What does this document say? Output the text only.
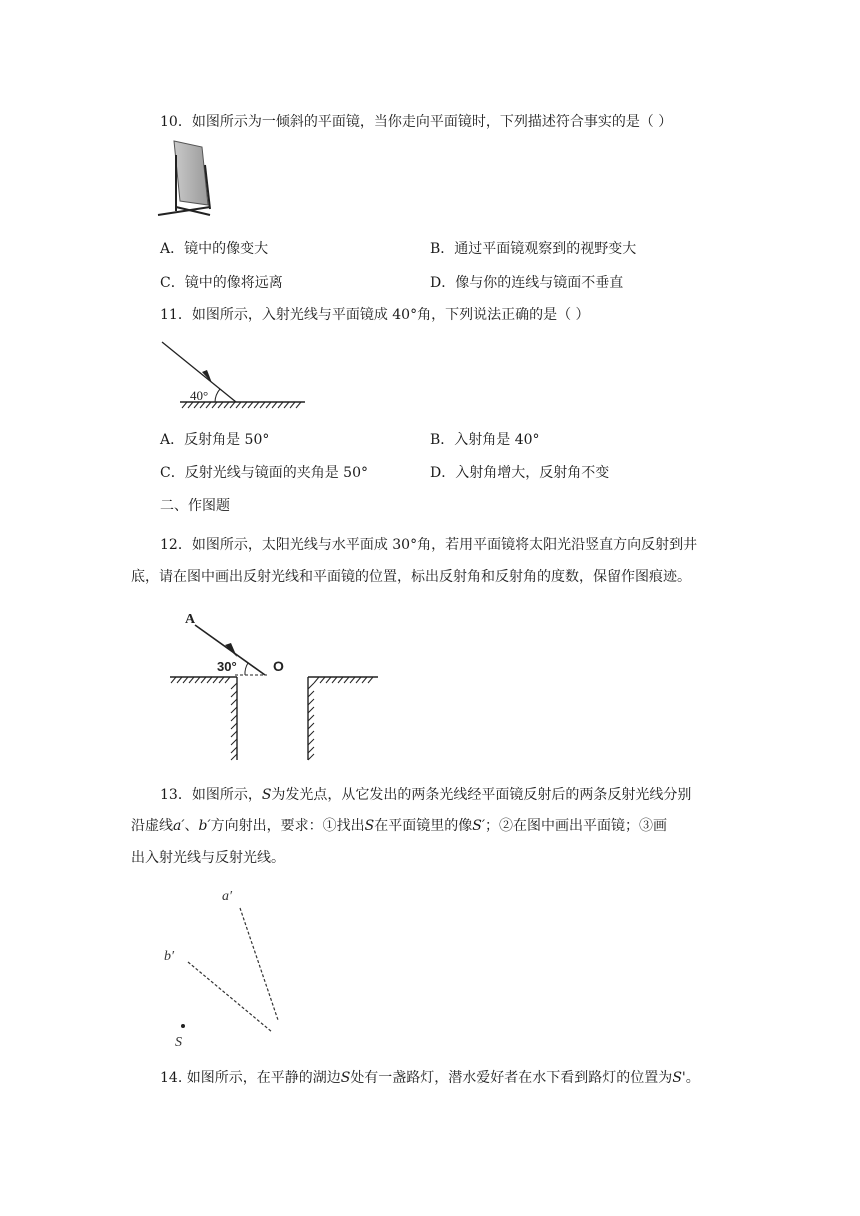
10．如图所示为一倾斜的平面镜，当你走向平面镜时，下列描述符合事实的是（ ）
A．镜中的像变大	B．通过平面镜观察到的视野变大
C．镜中的像将远离	D．像与你的连线与镜面不垂直
11．如图所示，入射光线与平面镜成 40°角，下列说法正确的是（ ）
40°
A．反射角是 50°	B．入射角是 40°
C．反射光线与镜面的夹角是 50°	D．入射角增大，反射角不变
二、作图题
12．如图所示，太阳光线与水平面成 30°角，若用平面镜将太阳光沿竖直方向反射到井
底，请在图中画出反射光线和平面镜的位置，标出反射角和反射角的度数，保留作图痕迹。
A
O
30°
13．如图所示，S为发光点，从它发出的两条光线经平面镜反射后的两条反射光线分别
沿虚线a′、b′方向射出，要求：①找出S在平面镜里的像S′；②在图中画出平面镜；③画
出入射光线与反射光线。
a′
b′
S
14. 如图所示，在平静的湖边S处有一盏路灯，潜水爱好者在水下看到路灯的位置为S'。
